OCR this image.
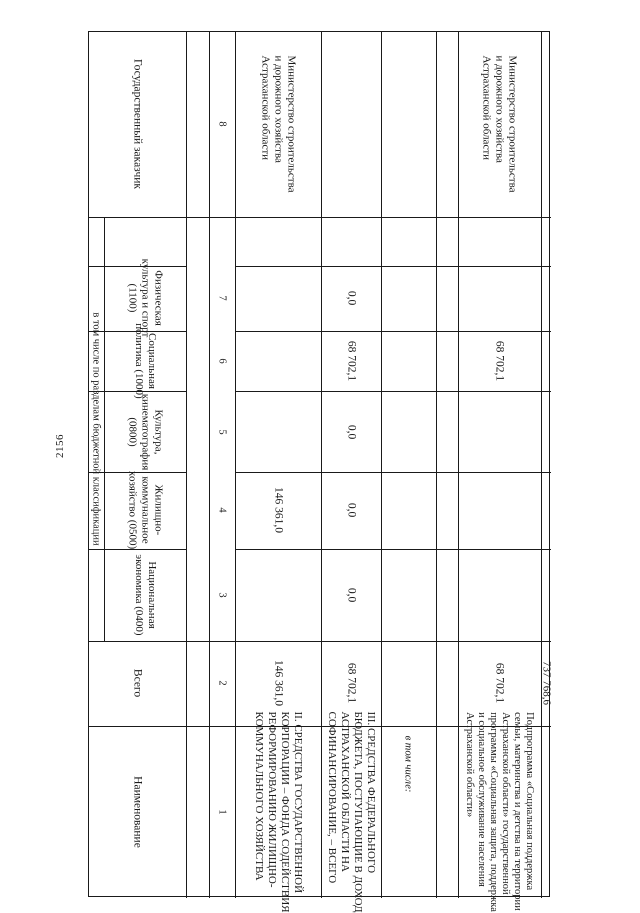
2156
Государственный заказчик
Физическая
культура и спорт
(1100)
Социальная
политика (1000)
Культура,
кинематография
(0800)
Жилищно-
коммунальное
хозяйство (0500)
Национальная
экономика (0400)
в том числе по разделам бюджетной классификации
Всего
Наименование	1
2
3
4
5
6
7
8
II. СРЕДСТВА ГОСУДАРСТВЕННОЙ
КОРПОРАЦИИ – ФОНДА СОДЕЙСТВИЯ
РЕФОРМИРОВАНИЮ ЖИЛИЩНО-
КОММУНАЛЬНОГО ХОЗЯЙСТВА
146 361,0
146 361,0
Министерство строительства
и дорожного хозяйства
Астраханской области
III. СРЕДСТВА ФЕДЕРАЛЬНОГО
БЮДЖЕТА, ПОСТУПАЮЩИЕ В ДОХОД
АСТРАХАНСКОЙ ОБЛАСТИ НА
СОФИНАНСИРОВАНИЕ, – ВСЕГО
68 702,1
0,0
0,0
0,0
68 702,1
0,0
в том числе:	Подпрограмма «Социальная поддержка
семьи, материнства и детства на территории
Астраханской области» государственной
программы «Социальная защита, поддержка
и социальное обслуживание населения
Астраханской области»
68 702,1
68 702,1
Министерство строительства
и дорожного хозяйства
Астраханской области
737 768,6
